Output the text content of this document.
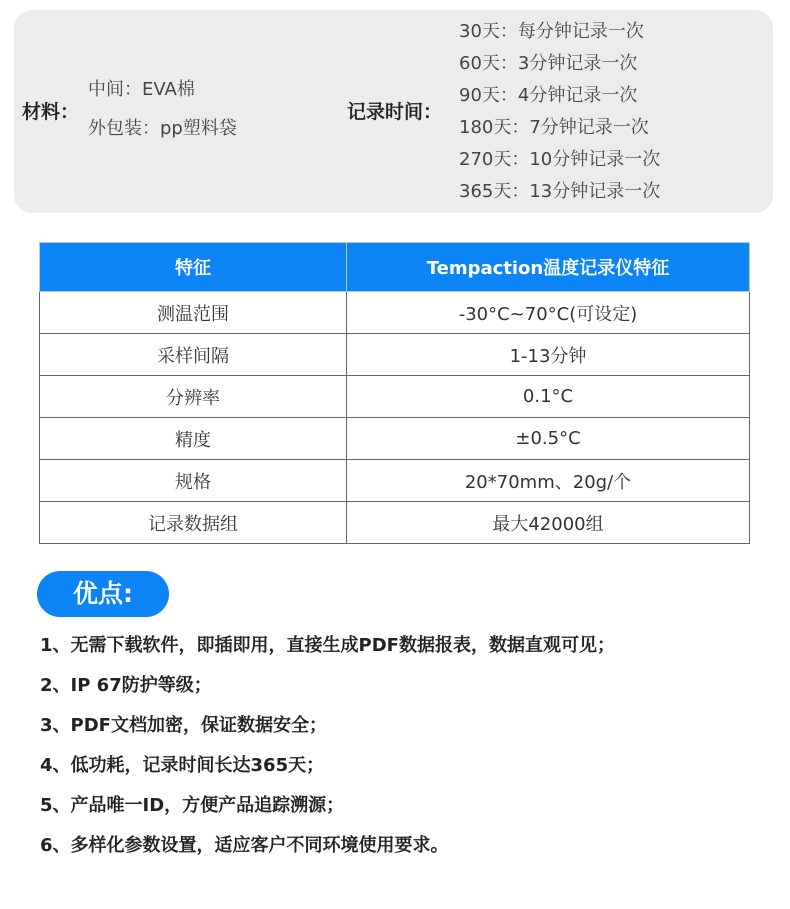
材料：
中间：EVA棉
外包装：pp塑料袋
记录时间：
30天：每分钟记录一次
60天：3分钟记录一次
90天：4分钟记录一次
180天：7分钟记录一次
270天：10分钟记录一次
365天：13分钟记录一次
特征	Tempaction温度记录仪特征
测温范围	-30°C~70°C(可设定)
采样间隔	1-13分钟
分辨率	0.1°C
精度	±0.5°C
规格	20*70mm、20g/个
记录数据组	最大42000组
优点:
1、无需下载软件，即插即用，直接生成PDF数据报表，数据直观可见；
2、IP 67防护等级；
3、PDF文档加密，保证数据安全；
4、低功耗，记录时间长达365天；
5、产品唯一ID，方便产品追踪溯源；
6、多样化参数设置，适应客户不同环境使用要求。
